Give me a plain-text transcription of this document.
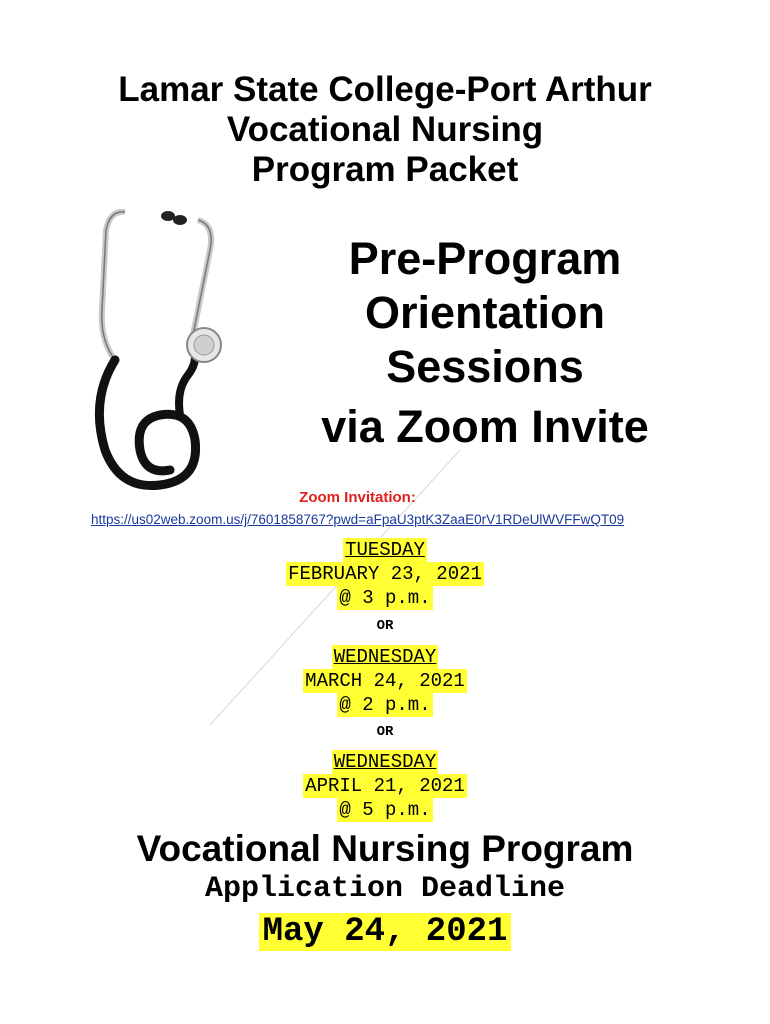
Lamar State College-Port Arthur
Vocational Nursing
Program Packet
Pre-Program
Orientation
Sessions
via Zoom Invite
Zoom Invitation:
https://us02web.zoom.us/j/7601858767?pwd=aFpaU3ptK3ZaaE0rV1RDeUlWVFFwQT09
TUESDAY
FEBRUARY 23, 2021
@ 3 p.m.
OR
WEDNESDAY
MARCH 24, 2021
@ 2 p.m.
OR
WEDNESDAY
APRIL 21, 2021
@ 5 p.m.
Vocational Nursing Program
Application Deadline
May 24, 2021
